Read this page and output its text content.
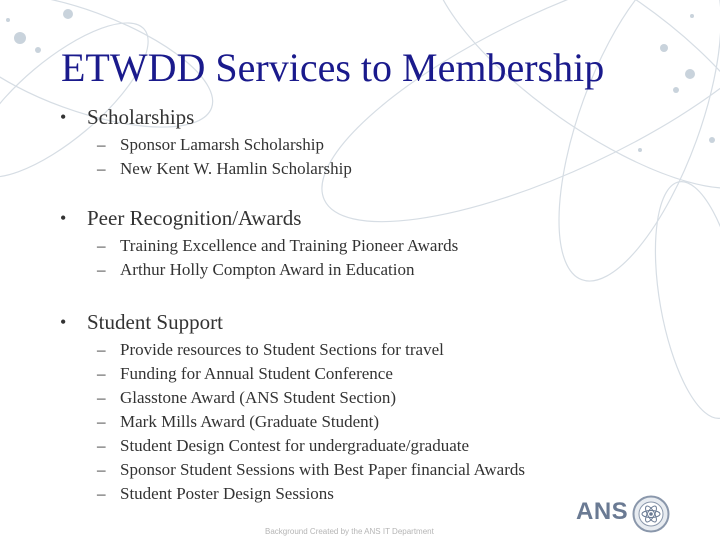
ETWDD Services to Membership
• Scholarships
– Sponsor Lamarsh Scholarship
– New Kent W. Hamlin Scholarship
• Peer Recognition/Awards
– Training Excellence and Training Pioneer Awards
– Arthur Holly Compton Award in Education
• Student Support
– Provide resources to Student Sections for travel
– Funding for Annual Student Conference
– Glasstone Award (ANS Student Section)
– Mark Mills Award (Graduate Student)
– Student Design Contest for undergraduate/graduate
– Sponsor Student Sessions with Best Paper financial Awards
– Student Poster Design Sessions
Background Created by the ANS IT Department
ANS
